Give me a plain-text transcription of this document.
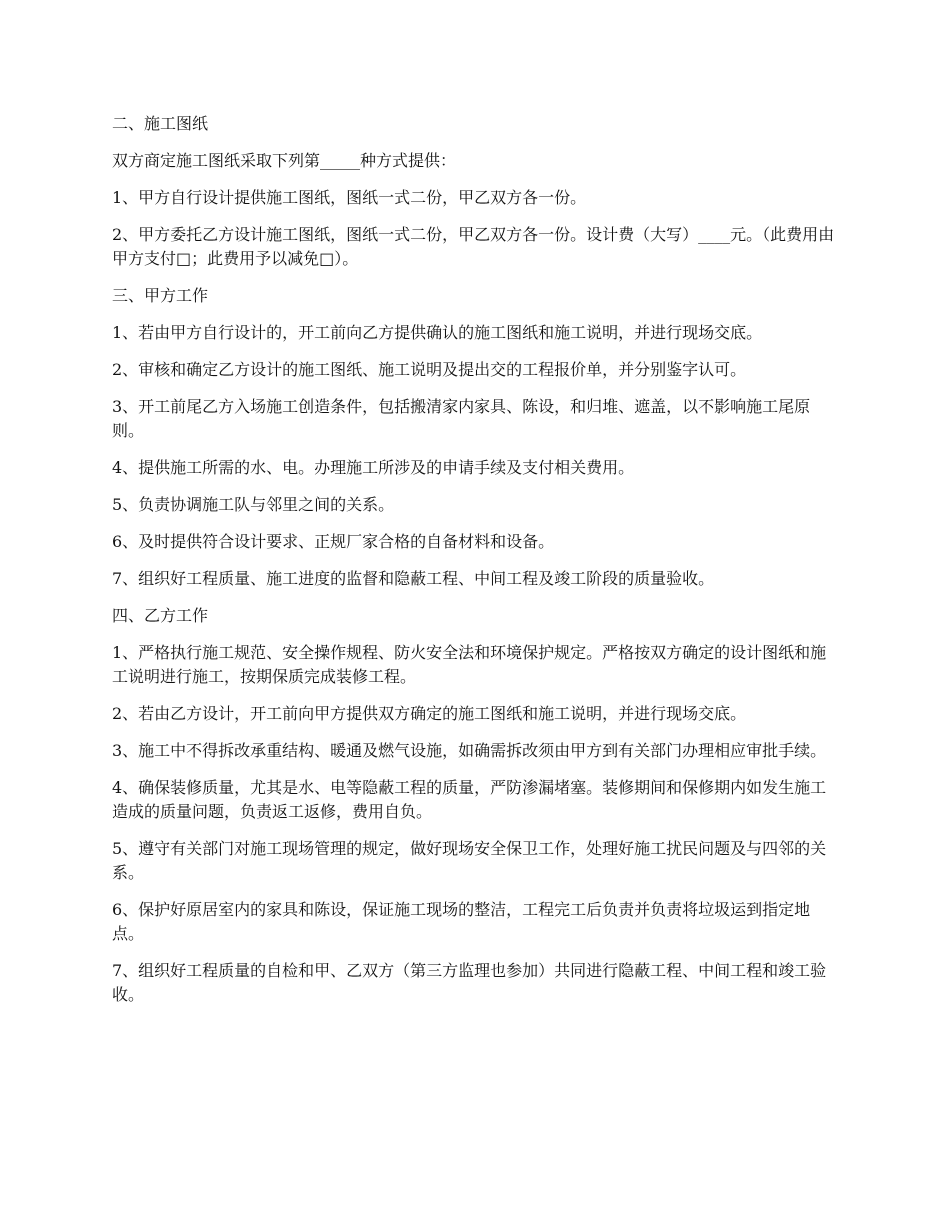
二、施工图纸

双方商定施工图纸采取下列第_____种方式提供：

1、甲方自行设计提供施工图纸，图纸一式二份，甲乙双方各一份。

2、甲方委托乙方设计施工图纸，图纸一式二份，甲乙双方各一份。设计费（大写）____元。（此费用由甲方支付□；此费用予以减免□）。

三、甲方工作

1、若由甲方自行设计的，开工前向乙方提供确认的施工图纸和施工说明，并进行现场交底。

2、审核和确定乙方设计的施工图纸、施工说明及提出交的工程报价单，并分别鉴字认可。

3、开工前尾乙方入场施工创造条件，包括搬清家内家具、陈设，和归堆、遮盖，以不影响施工尾原则。

4、提供施工所需的水、电。办理施工所涉及的申请手续及支付相关费用。

5、负责协调施工队与邻里之间的关系。

6、及时提供符合设计要求、正规厂家合格的自备材料和设备。

7、组织好工程质量、施工进度的监督和隐蔽工程、中间工程及竣工阶段的质量验收。

四、乙方工作

1、严格执行施工规范、安全操作规程、防火安全法和环境保护规定。严格按双方确定的设计图纸和施工说明进行施工，按期保质完成装修工程。

2、若由乙方设计，开工前向甲方提供双方确定的施工图纸和施工说明，并进行现场交底。

3、施工中不得拆改承重结构、暖通及燃气设施，如确需拆改须由甲方到有关部门办理相应审批手续。

4、确保装修质量，尤其是水、电等隐蔽工程的质量，严防渗漏堵塞。装修期间和保修期内如发生施工造成的质量问题，负责返工返修，费用自负。

5、遵守有关部门对施工现场管理的规定，做好现场安全保卫工作，处理好施工扰民问题及与四邻的关系。

6、保护好原居室内的家具和陈设，保证施工现场的整洁，工程完工后负责并负责将垃圾运到指定地点。

7、组织好工程质量的自检和甲、乙双方（第三方监理也参加）共同进行隐蔽工程、中间工程和竣工验收。
